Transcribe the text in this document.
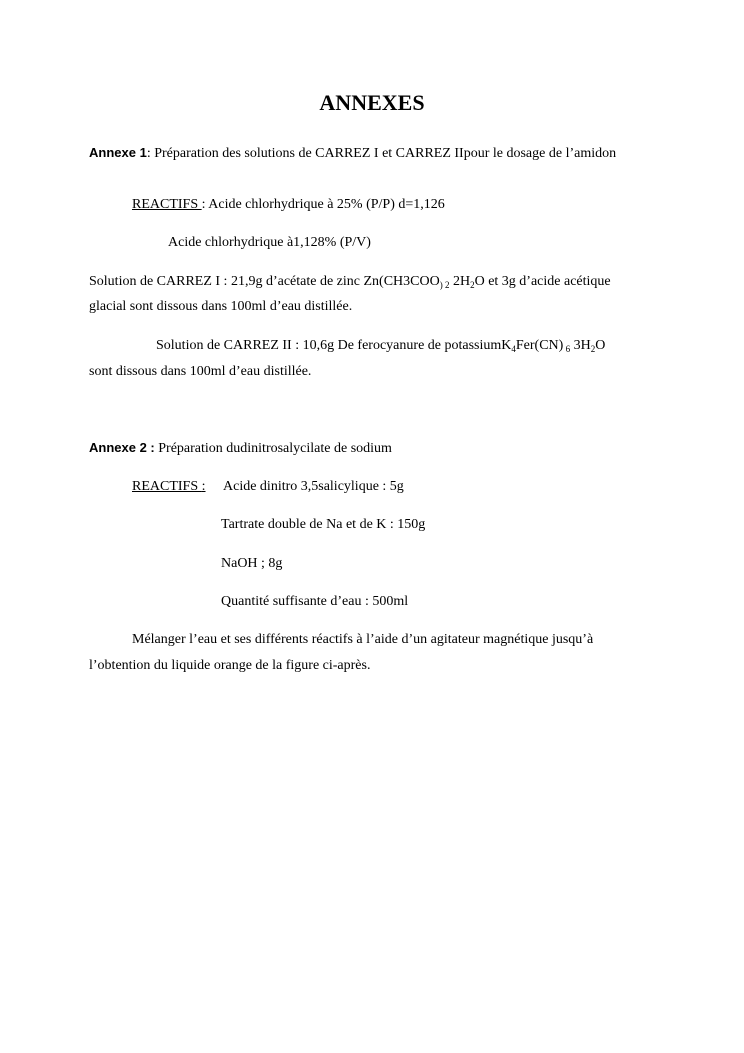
ANNEXES
Annexe 1: Préparation des solutions de CARREZ I et CARREZ IIpour le dosage de l’amidon
REACTIFS : Acide chlorhydrique à 25% (P/P) d=1,126
Acide chlorhydrique à1,128% (P/V)
Solution de CARREZ I : 21,9g d’acétate de zinc $Zn(CH3COO_{) 2}$ $2H_2O$ et 3g d’acide acétique
glacial sont dissous dans 100ml d’eau distillée.
Solution de CARREZ II : 10,6g De ferocyanure de potassiumK$_4$Fer(CN) $_6$ $3H_2O$
sont dissous dans 100ml d’eau distillée.
Annexe 2 : Préparation dudinitrosalycilate de sodium
REACTIFS : Acide dinitro 3,5salicylique : 5g
Tartrate double de Na et de K : 150g
NaOH ; 8g
Quantité suffisante d’eau : 500ml
Mélanger l’eau et ses différents réactifs à l’aide d’un agitateur magnétique jusqu’à
l’obtention du liquide orange de la figure ci-après.
